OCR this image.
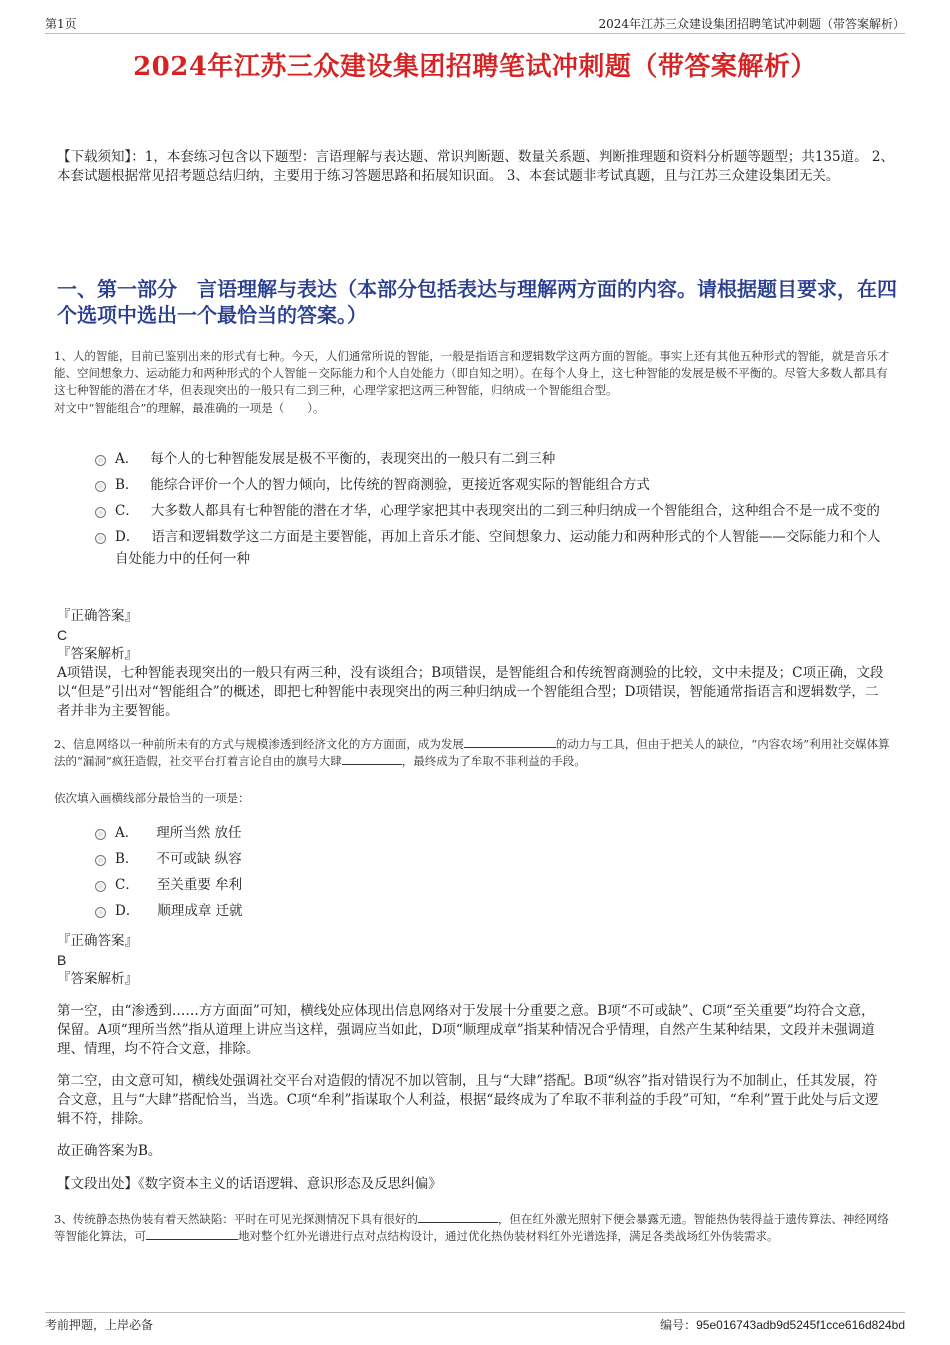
第1页	2024年江苏三众建设集团招聘笔试冲刺题（带答案解析）
2024年江苏三众建设集团招聘笔试冲刺题（带答案解析）

【下载须知】：1，本套练习包含以下题型：言语理解与表达题、常识判断题、数量关系题、判断推理题和资料分析题等题型；共135道。 2、本套试题根据常见招考题总结归纳，主要用于练习答题思路和拓展知识面。 3、本套试题非考试真题，且与江苏三众建设集团无关。

一、第一部分　言语理解与表达（本部分包括表达与理解两方面的内容。请根据题目要求，在四个选项中选出一个最恰当的答案。）

1、人的智能，目前已鉴别出来的形式有七种。今天，人们通常所说的智能，一般是指语言和逻辑数学这两方面的智能。事实上还有其他五种形式的智能，就是音乐才能、空间想象力、运动能力和两种形式的个人智能－交际能力和个人自处能力（即自知之明）。在每个人身上，这七种智能的发展是极不平衡的。尽管大多数人都具有这七种智能的潜在才华，但表现突出的一般只有二到三种，心理学家把这两三种智能，归纳成一个智能组合型。

对文中“智能组合”的理解，最准确的一项是（　　）。

A． 每个人的七种智能发展是极不平衡的，表现突出的一般只有二到三种
B． 能综合评价一个人的智力倾向，比传统的智商测验，更接近客观实际的智能组合方式
C． 大多数人都具有七种智能的潜在才华，心理学家把其中表现突出的二到三种归纳成一个智能组合，这种组合不是一成不变的
D． 语言和逻辑数学这二方面是主要智能，再加上音乐才能、空间想象力、运动能力和两种形式的个人智能——交际能力和个人自处能力中的任何一种
『正确答案』
C
『答案解析』
A项错误，七种智能表现突出的一般只有两三种，没有谈组合；B项错误，是智能组合和传统智商测验的比较，文中未提及；C项正确，文段以“但是”引出对“智能组合”的概述，即把七种智能中表现突出的两三种归纳成一个智能组合型；D项错误，智能通常指语言和逻辑数学，二者并非为主要智能。

2、信息网络以一种前所未有的方式与规模渗透到经济文化的方方面面，成为发展	的动力与工具，但由于把关人的缺位，“内容农场”利用社交媒体算法的“漏洞”疯狂造假，社交平台打着言论自由的旗号大肆	，最终成为了牟取不菲利益的手段。

依次填入画横线部分最恰当的一项是：

A． 理所当然 放任
B． 不可或缺 纵容
C． 至关重要 牟利
D． 顺理成章 迁就
『正确答案』
B
『答案解析』

第一空，由“渗透到……方方面面”可知，横线处应体现出信息网络对于发展十分重要之意。B项“不可或缺”、C项“至关重要”均符合文意，保留。A项“理所当然”指从道理上讲应当这样，强调应当如此，D项“顺理成章”指某种情况合乎情理，自然产生某种结果，文段并未强调道理、情理，均不符合文意，排除。

第二空，由文意可知，横线处强调社交平台对造假的情况不加以管制，且与“大肆”搭配。B项“纵容”指对错误行为不加制止，任其发展，符合文意，且与“大肆”搭配恰当，当选。C项“牟利”指谋取个人利益，根据“最终成为了牟取不菲利益的手段”可知，“牟利”置于此处与后文逻辑不符，排除。

故正确答案为B。

【文段出处】《数字资本主义的话语逻辑、意识形态及反思纠偏》

3、传统静态热伪装有着天然缺陷：平时在可见光探测情况下具有很好的	，但在红外激光照射下便会暴露无遗。智能热伪装得益于遗传算法、神经网络等智能化算法，可	地对整个红外光谱进行点对点结构设计，通过优化热伪装材料红外光谱选择，满足各类战场红外伪装需求。

考前押题，上岸必备	编号：95e016743adb9d5245f1cce616d824bd
